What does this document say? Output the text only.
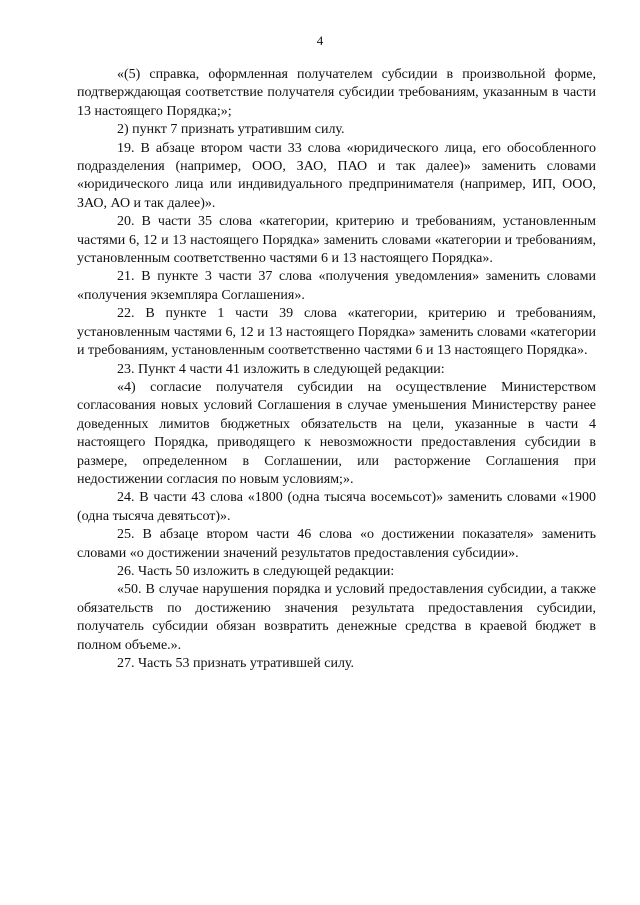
4

«(5) справка, оформленная получателем субсидии в произвольной форме, подтверждающая соответствие получателя субсидии требованиям, указанным в части 13 настоящего Порядка;»;

2) пункт 7 признать утратившим силу.

19. В абзаце втором части 33 слова «юридического лица, его обособленного подразделения (например, ООО, ЗАО, ПАО и так далее)» заменить словами «юридического лица или индивидуального предпринимателя (например, ИП, ООО, ЗАО, АО и так далее)».

20. В части 35 слова «категории, критерию и требованиям, установленным частями 6, 12 и 13 настоящего Порядка» заменить словами «категории и требованиям, установленным соответственно частями 6 и 13 настоящего Порядка».

21. В пункте 3 части 37 слова «получения уведомления» заменить словами «получения экземпляра Соглашения».

22. В пункте 1 части 39 слова «категории, критерию и требованиям, установленным частями 6, 12 и 13 настоящего Порядка» заменить словами «категории и требованиям, установленным соответственно частями 6 и 13 настоящего Порядка».

23. Пункт 4 части 41 изложить в следующей редакции:

«4) согласие получателя субсидии на осуществление Министерством согласования новых условий Соглашения в случае уменьшения Министерству ранее доведенных лимитов бюджетных обязательств на цели, указанные в части 4 настоящего Порядка, приводящего к невозможности предоставления субсидии в размере, определенном в Соглашении, или расторжение Соглашения при недостижении согласия по новым условиям;».

24. В части 43 слова «1800 (одна тысяча восемьсот)» заменить словами «1900 (одна тысяча девятьсот)».

25. В абзаце втором части 46 слова «о достижении показателя» заменить словами «о достижении значений результатов предоставления субсидии».

26. Часть 50 изложить в следующей редакции:

«50. В случае нарушения порядка и условий предоставления субсидии, а также обязательств по достижению значения результата предоставления субсидии, получатель субсидии обязан возвратить денежные средства в краевой бюджет в полном объеме.».

27. Часть 53 признать утратившей силу.
